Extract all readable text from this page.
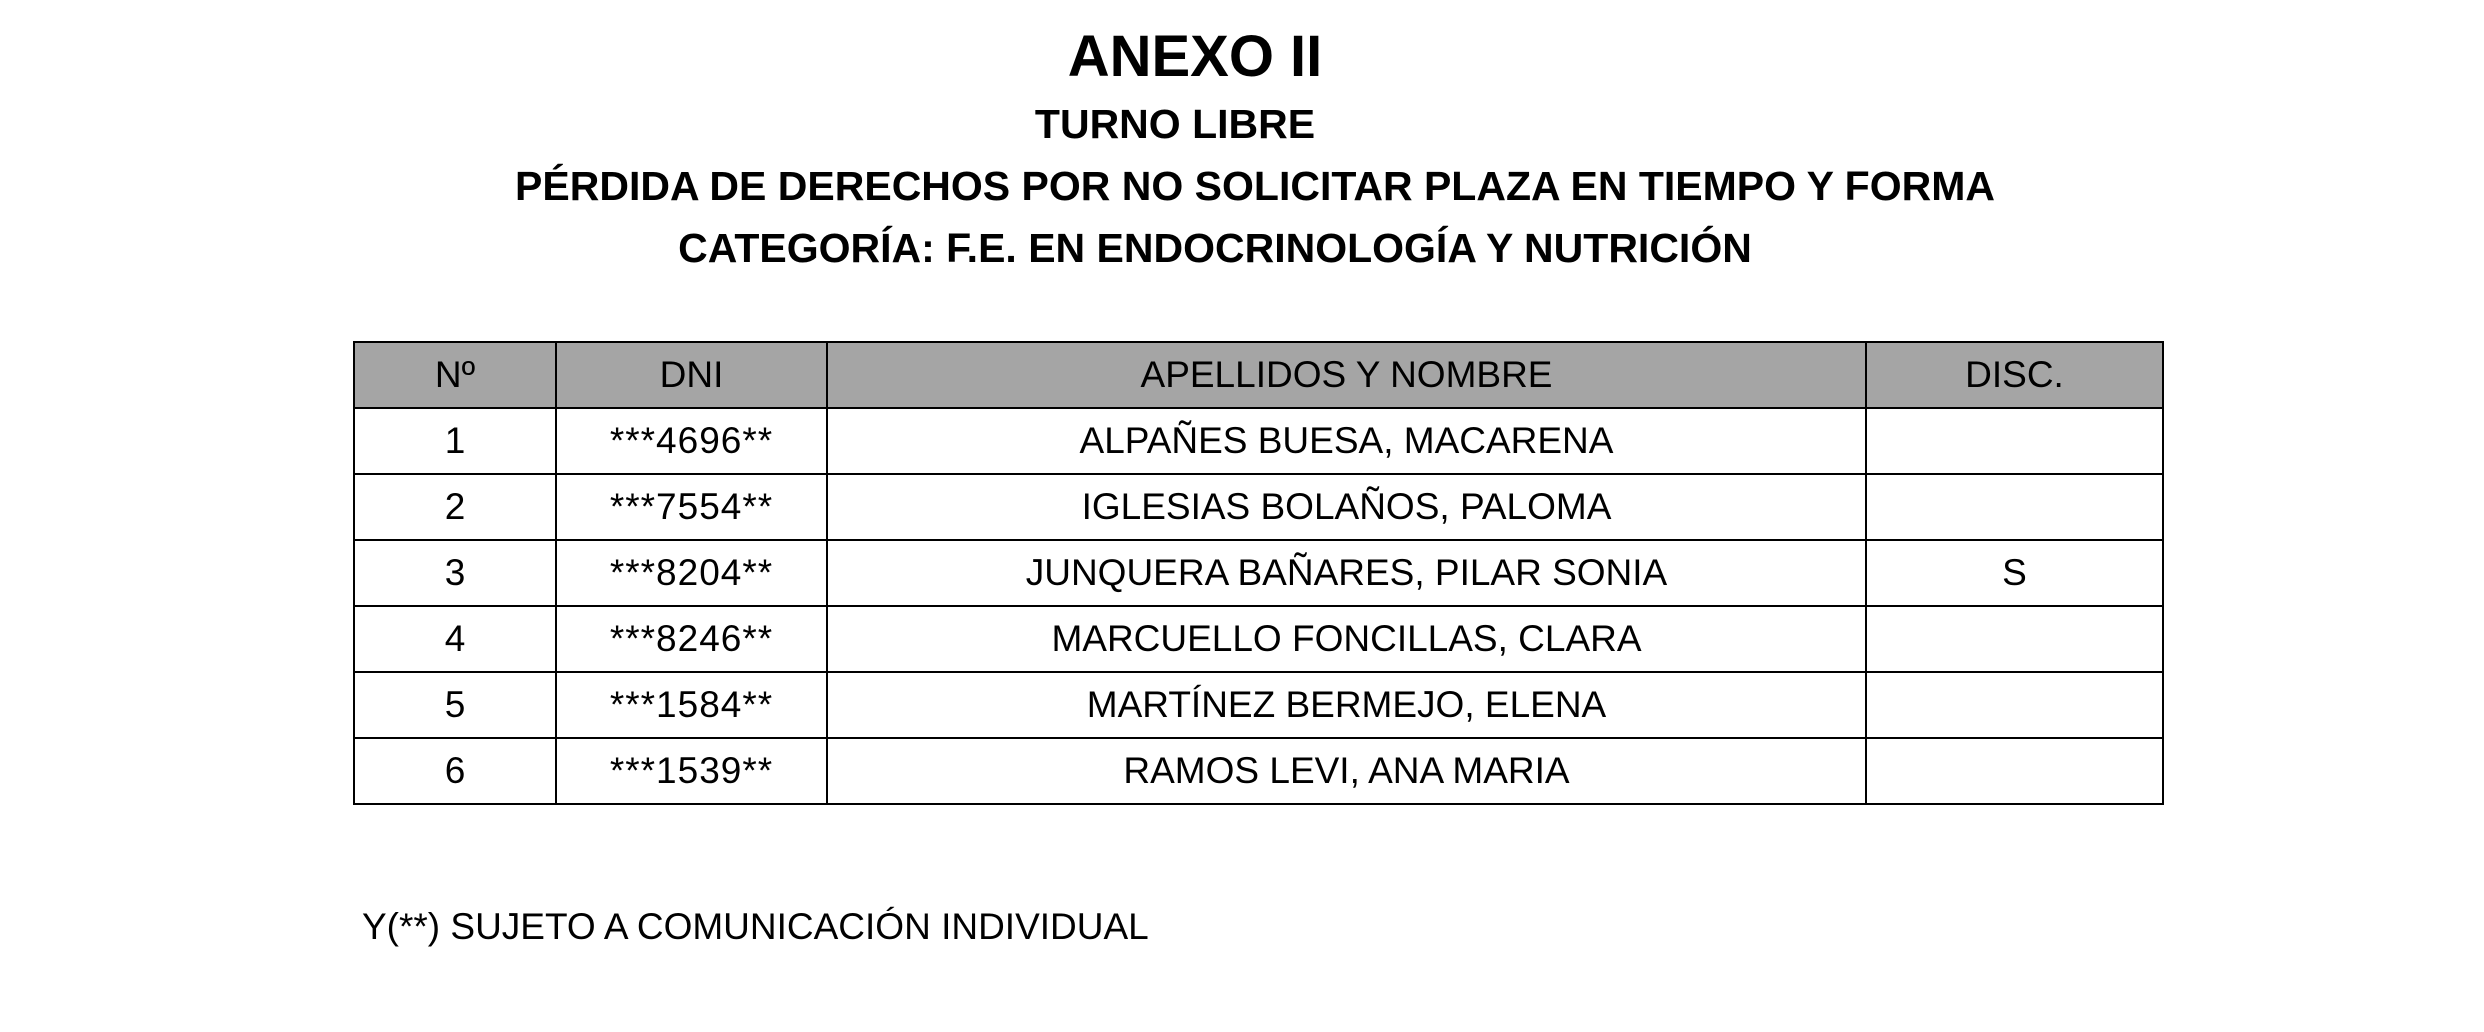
ANEXO II
TURNO LIBRE
PÉRDIDA DE DERECHOS POR NO SOLICITAR PLAZA EN TIEMPO Y FORMA
CATEGORÍA: F.E. EN ENDOCRINOLOGÍA Y NUTRICIÓN
Nº	DNI	APELLIDOS Y NOMBRE	DISC.
1	***4696**	ALPAÑES BUESA, MACARENA	
2	***7554**	IGLESIAS BOLAÑOS, PALOMA	
3	***8204**	JUNQUERA BAÑARES, PILAR SONIA	S
4	***8246**	MARCUELLO FONCILLAS, CLARA	
5	***1584**	MARTÍNEZ BERMEJO, ELENA	
6	***1539**	RAMOS LEVI, ANA MARIA	
Y(**) SUJETO A COMUNICACIÓN INDIVIDUAL
